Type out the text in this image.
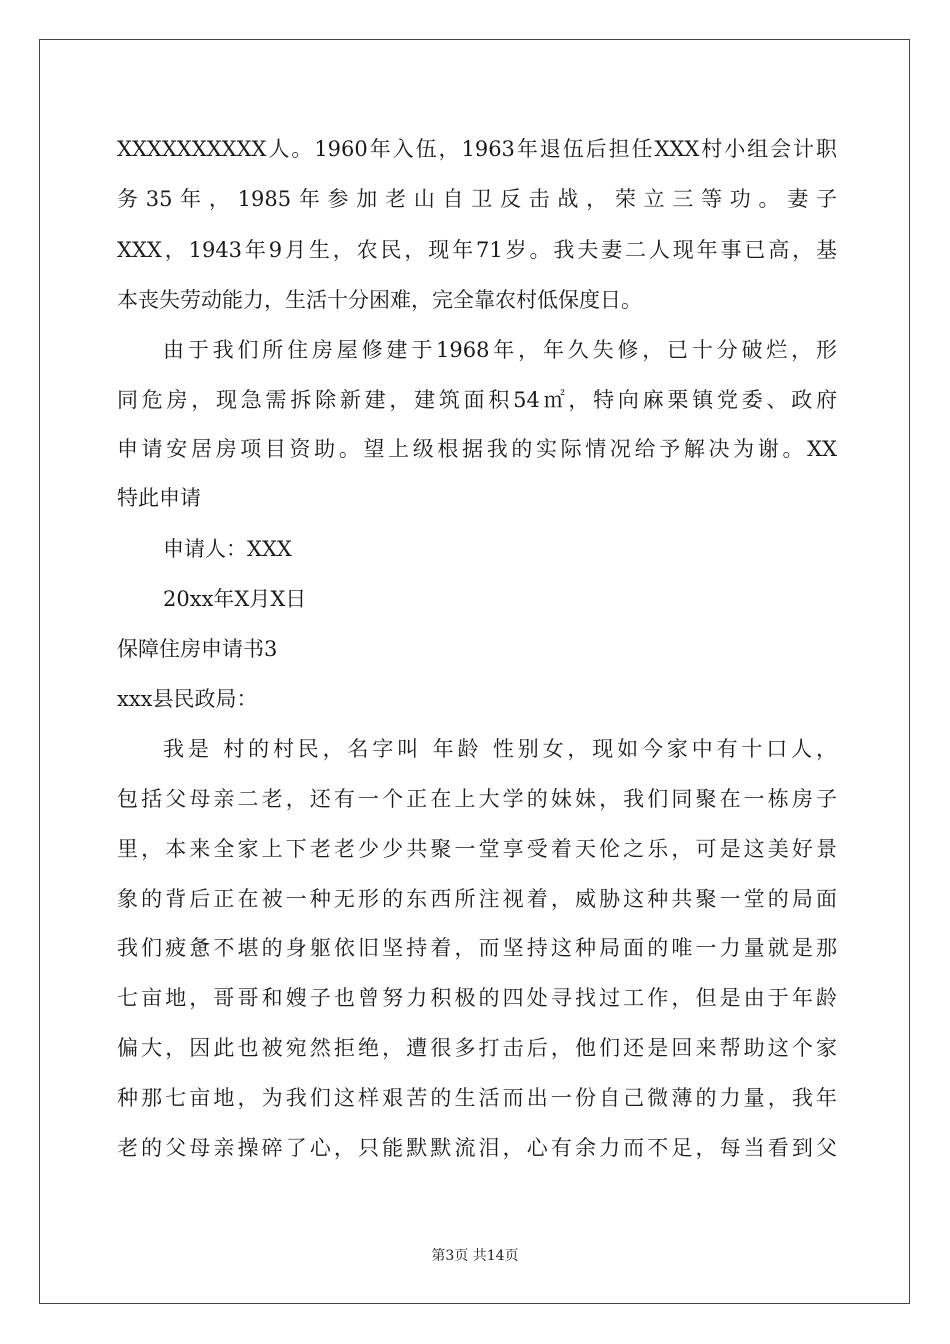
XXXXXXXXXX人。1960年入伍，1963年退伍后担任XXX村小组会计职
务35年，1985年参加老山自卫反击战，荣立三等功。妻子
XXX，1943年9月生，农民，现年71岁。我夫妻二人现年事已高，基
本丧失劳动能力，生活十分困难，完全靠农村低保度日。
由于我们所住房屋修建于1968年，年久失修，已十分破烂，形
同危房，现急需拆除新建，建筑面积54㎡，特向麻栗镇党委、政府
申请安居房项目资助。望上级根据我的实际情况给予解决为谢。XX
特此申请
申请人：XXX
20xx年X月X日
保障住房申请书3
xxx县民政局：
我是 村的村民，名字叫 年龄 性别女，现如今家中有十口人，
包括父母亲二老，还有一个正在上大学的妹妹，我们同聚在一栋房子
里，本来全家上下老老少少共聚一堂享受着天伦之乐，可是这美好景
象的背后正在被一种无形的东西所注视着，威胁这种共聚一堂的局面
我们疲惫不堪的身躯依旧坚持着，而坚持这种局面的唯一力量就是那
七亩地，哥哥和嫂子也曾努力积极的四处寻找过工作，但是由于年龄
偏大，因此也被宛然拒绝，遭很多打击后，他们还是回来帮助这个家
种那七亩地，为我们这样艰苦的生活而出一份自己微薄的力量，我年
老的父母亲操碎了心，只能默默流泪，心有余力而不足，每当看到父
第3页 共14页
